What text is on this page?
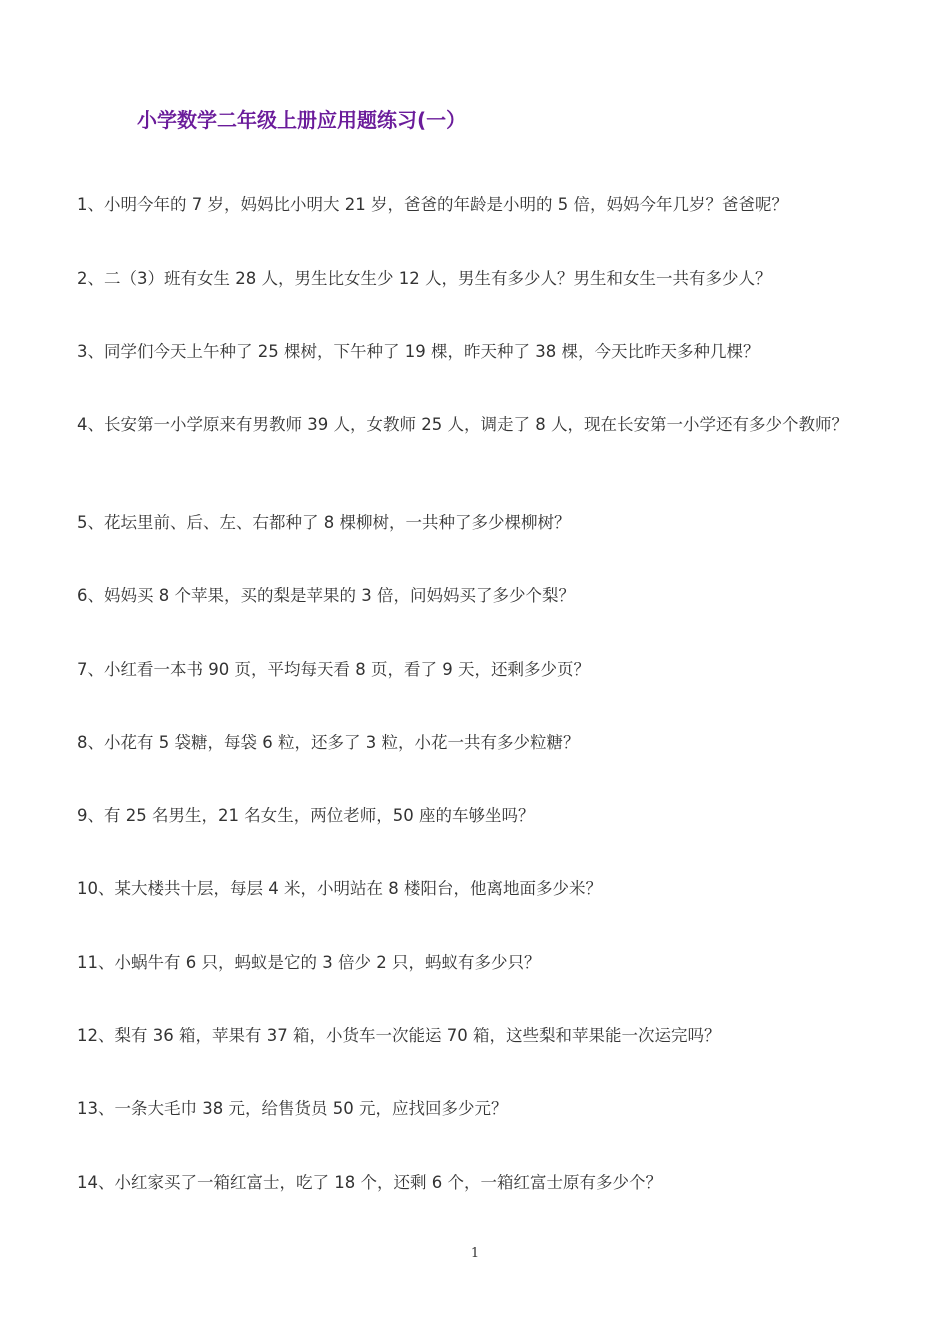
小学数学二年级上册应用题练习(一）
1、小明今年的 7 岁，妈妈比小明大 21 岁，爸爸的年龄是小明的 5 倍，妈妈今年几岁？爸爸呢？
2、二（3）班有女生 28 人，男生比女生少 12 人，男生有多少人？男生和女生一共有多少人？
3、同学们今天上午种了 25 棵树，下午种了 19 棵，昨天种了 38 棵，今天比昨天多种几棵？
4、长安第一小学原来有男教师 39 人，女教师 25 人，调走了 8 人，现在长安第一小学还有多少个教师？
5、花坛里前、后、左、右都种了 8 棵柳树，一共种了多少棵柳树？
6、妈妈买 8 个苹果，买的梨是苹果的 3 倍，问妈妈买了多少个梨？
7、小红看一本书 90 页，平均每天看 8 页，看了 9 天，还剩多少页？
8、小花有 5 袋糖，每袋 6 粒，还多了 3 粒，小花一共有多少粒糖？
9、有 25 名男生，21 名女生，两位老师，50 座的车够坐吗？
10、某大楼共十层，每层 4 米，小明站在 8 楼阳台，他离地面多少米？
11、小蜗牛有 6 只，蚂蚁是它的 3 倍少 2 只，蚂蚁有多少只？
12、梨有 36 箱，苹果有 37 箱，小货车一次能运 70 箱，这些梨和苹果能一次运完吗？
13、一条大毛巾 38 元，给售货员 50 元，应找回多少元？
14、小红家买了一箱红富士，吃了 18 个，还剩 6 个，一箱红富士原有多少个？
1
